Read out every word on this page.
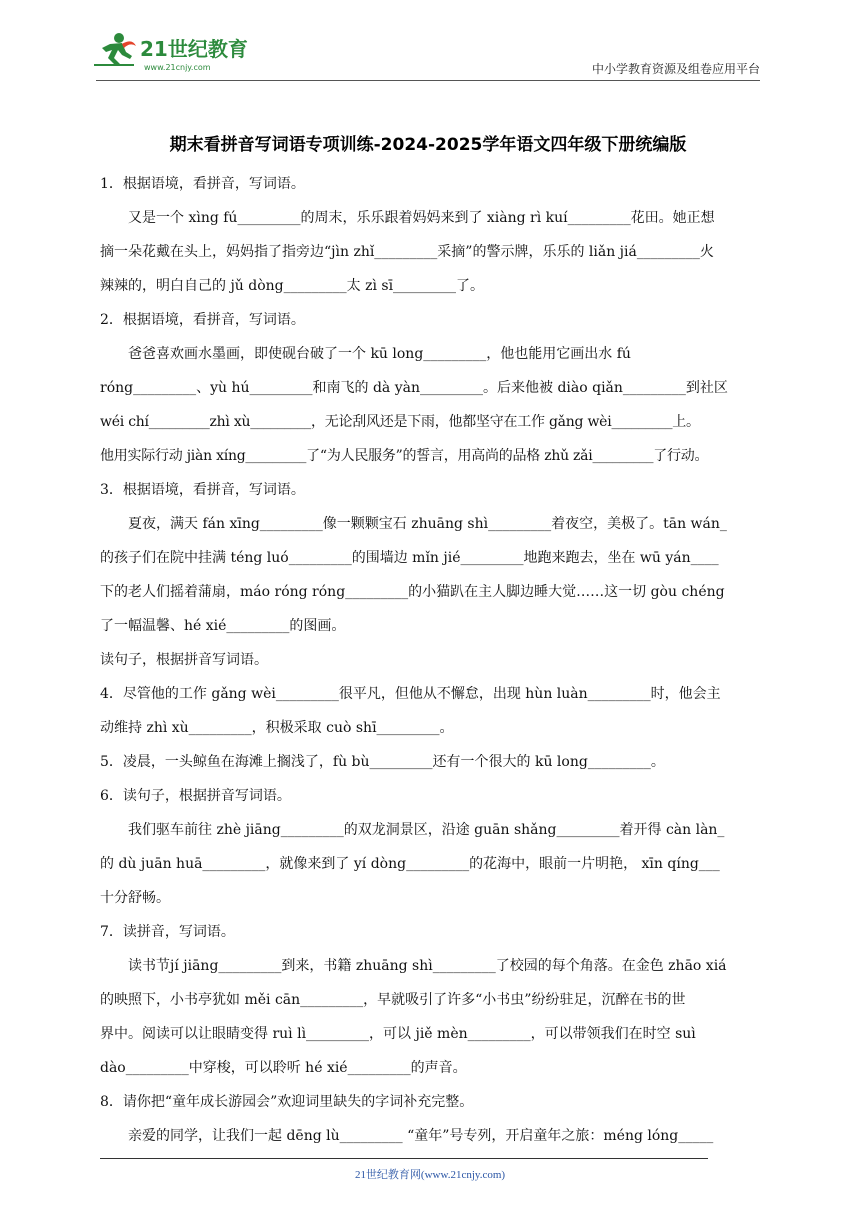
21世纪教育
www.21cnjy.com	中小学教育资源及组卷应用平台
期末看拼音写词语专项训练-2024-2025学年语文四年级下册统编版
1．根据语境，看拼音，写词语。
又是一个 xìng fú_________的周末，乐乐跟着妈妈来到了 xiàng rì kuí_________花田。她正想
摘一朵花戴在头上，妈妈指了指旁边“jìn zhǐ_________采摘”的警示牌，乐乐的 liǎn jiá_________火
辣辣的，明白自己的 jǔ dòng_________太 zì sī_________了。
2．根据语境，看拼音，写词语。
爸爸喜欢画水墨画，即使砚台破了一个 kū long_________，他也能用它画出水 fú
róng_________、yù hú_________和南飞的 dà yàn_________。后来他被 diào qiǎn_________到社区
wéi chí_________zhì xù_________，无论刮风还是下雨，他都坚守在工作 gǎng wèi_________上。
他用实际行动 jiàn xíng_________了“为人民服务”的誓言，用高尚的品格 zhǔ zǎi_________了行动。
3．根据语境，看拼音，写词语。
夏夜，满天 fán xīng_________像一颗颗宝石 zhuāng shì_________着夜空，美极了。tān wán_
的孩子们在院中挂满 téng luó_________的围墙边 mǐn jié_________地跑来跑去，坐在 wū yán____
下的老人们摇着蒲扇，máo róng róng_________的小猫趴在主人脚边睡大觉……这一切 gòu chéng
了一幅温馨、hé xié_________的图画。
读句子，根据拼音写词语。
4．尽管他的工作 gǎng wèi_________很平凡，但他从不懈怠，出现 hùn luàn_________时，他会主
动维持 zhì xù_________，积极采取 cuò shī_________。
5．凌晨，一头鲸鱼在海滩上搁浅了，fù bù_________还有一个很大的 kū long_________。
6．读句子，根据拼音写词语。
我们驱车前往 zhè jiāng_________的双龙洞景区，沿途 guān shǎng_________着开得 càn làn_
的 dù juān huā_________，就像来到了 yí dòng_________的花海中，眼前一片明艳， xīn qíng___
十分舒畅。
7．读拼音，写词语。
读书节jí jiāng_________到来，书籍 zhuāng shì_________了校园的每个角落。在金色 zhāo xiá
的映照下，小书亭犹如 měi cān_________，早就吸引了许多“小书虫”纷纷驻足，沉醉在书的世
界中。阅读可以让眼睛变得 ruì lì_________，可以 jiě mèn_________，可以带领我们在时空 suì
dào_________中穿梭，可以聆听 hé xié_________的声音。
8．请你把“童年成长游园会”欢迎词里缺失的字词补充完整。
亲爱的同学，让我们一起 dēng lù_________ “童年”号专列，开启童年之旅：méng lóng_____
21世纪教育网(www.21cnjy.com)
